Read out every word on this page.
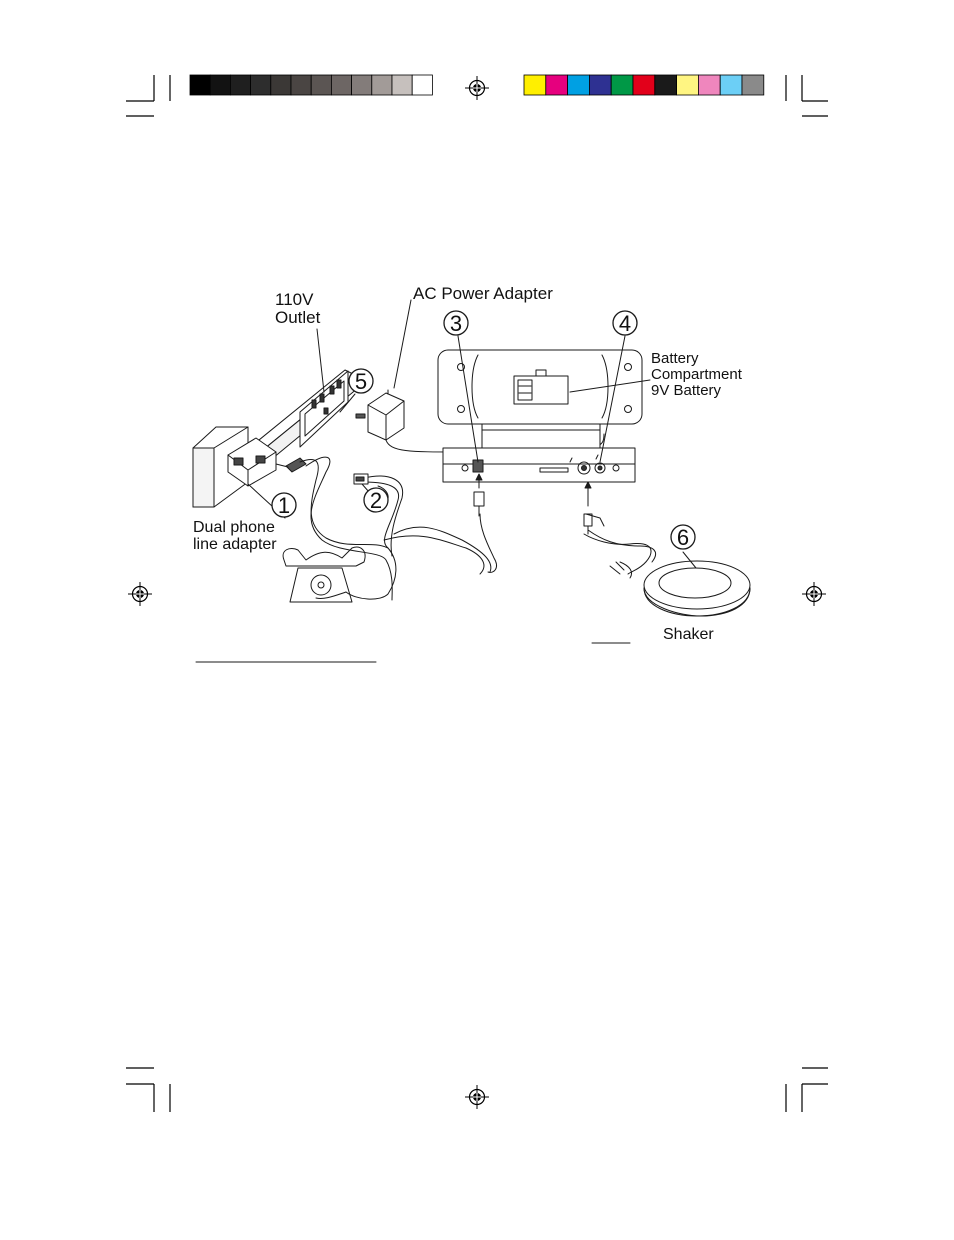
1	2
3	4
5
6
110V
Outlet
AC Power Adapter
Battery
Compartment
9V Battery
Dual phone
line adapter
Shaker
